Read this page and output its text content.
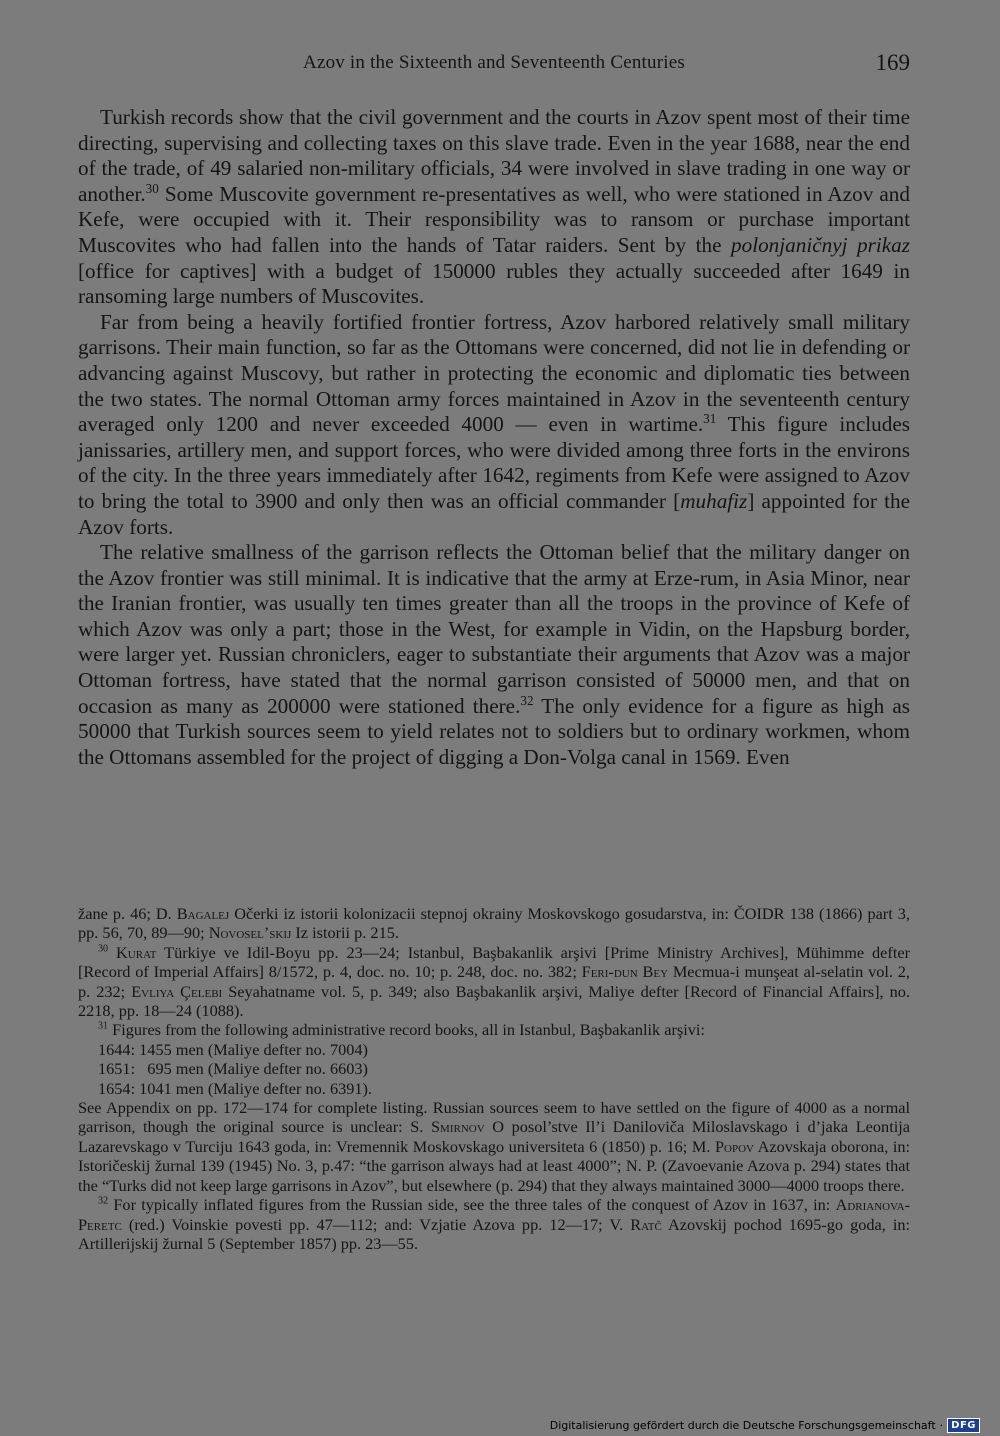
Azov in the Sixteenth and Seventeenth Centuries	169

Turkish records show that the civil government and the courts in Azov spent most of their time directing, supervising and collecting taxes on this slave trade. Even in the year 1688, near the end of the trade, of 49 salaried non-military officials, 34 were involved in slave trading in one way or another.$^{30}$ Some Muscovite government re-presentatives as well, who were stationed in Azov and Kefe, were occupied with it. Their responsibility was to ransom or purchase important Muscovites who had fallen into the hands of Tatar raiders. Sent by the polonjaničnyj prikaz [office for captives] with a budget of 150000 rubles they actually succeeded after 1649 in ransoming large numbers of Muscovites.

Far from being a heavily fortified frontier fortress, Azov harbored relatively small military garrisons. Their main function, so far as the Ottomans were concerned, did not lie in defending or advancing against Muscovy, but rather in protecting the economic and diplomatic ties between the two states. The normal Ottoman army forces maintained in Azov in the seventeenth century averaged only 1200 and never exceeded 4000 — even in wartime.$^{31}$ This figure includes janissaries, artillery men, and support forces, who were divided among three forts in the environs of the city. In the three years immediately after 1642, regiments from Kefe were assigned to Azov to bring the total to 3900 and only then was an official commander [muhafiz] appointed for the Azov forts.

The relative smallness of the garrison reflects the Ottoman belief that the military danger on the Azov frontier was still minimal. It is indicative that the army at Erze-rum, in Asia Minor, near the Iranian frontier, was usually ten times greater than all the troops in the province of Kefe of which Azov was only a part; those in the West, for example in Vidin, on the Hapsburg border, were larger yet. Russian chroniclers, eager to substantiate their arguments that Azov was a major Ottoman fortress, have stated that the normal garrison consisted of 50000 men, and that on occasion as many as 200000 were stationed there.$^{32}$ The only evidence for a figure as high as 50000 that Turkish sources seem to yield relates not to soldiers but to ordinary workmen, whom the Ottomans assembled for the project of digging a Don-Volga canal in 1569. Even

žane p. 46; D. Bagalej Očerki iz istorii kolonizacii stepnoj okrainy Moskovskogo gosudarstva, in: ČOIDR 138 (1866) part 3, pp. 56, 70, 89—90; Novosel’skij Iz istorii p. 215.

$^{30}$ Kurat Türkiye ve Idil-Boyu pp. 23—24; Istanbul, Başbakanlik arşivi [Prime Ministry Archives], Mühimme defter [Record of Imperial Affairs] 8/1572, p. 4, doc. no. 10; p. 248, doc. no. 382; Feri-dun Bey Mecmua-i munşeat al-selatin vol. 2, p. 232; Evliya Çelebi Seyahatname vol. 5, p. 349; also Başbakanlik arşivi, Maliye defter [Record of Financial Affairs], no. 2218, pp. 18—24 (1088).

$^{31}$ Figures from the following administrative record books, all in Istanbul, Başbakanlik arşivi:

1644: 1455 men (Maliye defter no. 7004)

1651:   695 men (Maliye defter no. 6603)

1654: 1041 men (Maliye defter no. 6391).

See Appendix on pp. 172—174 for complete listing. Russian sources seem to have settled on the figure of 4000 as a normal garrison, though the original source is unclear: S. Smirnov O posol’stve Il’i Daniloviča Miloslavskago i d’jaka Leontija Lazarevskago v Turciju 1643 goda, in: Vremennik Moskovskago universiteta 6 (1850) p. 16; M. Popov Azovskaja oborona, in: Istoričeskij žurnal 139 (1945) No. 3, p.47: “the garrison always had at least 4000”; N. P. (Zavoevanie Azova p. 294) states that the “Turks did not keep large garrisons in Azov”, but elsewhere (p. 294) that they always maintained 3000—4000 troops there.

$^{32}$ For typically inflated figures from the Russian side, see the three tales of the conquest of Azov in 1637, in: Adrianova-Peretc (red.) Voinskie povesti pp. 47—112; and: Vzjatie Azova pp. 12—17; V. Ratč Azovskij pochod 1695-go goda, in: Artillerijskij žurnal 5 (September 1857) pp. 23—55.

Digitalisierung gefördert durch die Deutsche Forschungsgemeinschaft · DFG
